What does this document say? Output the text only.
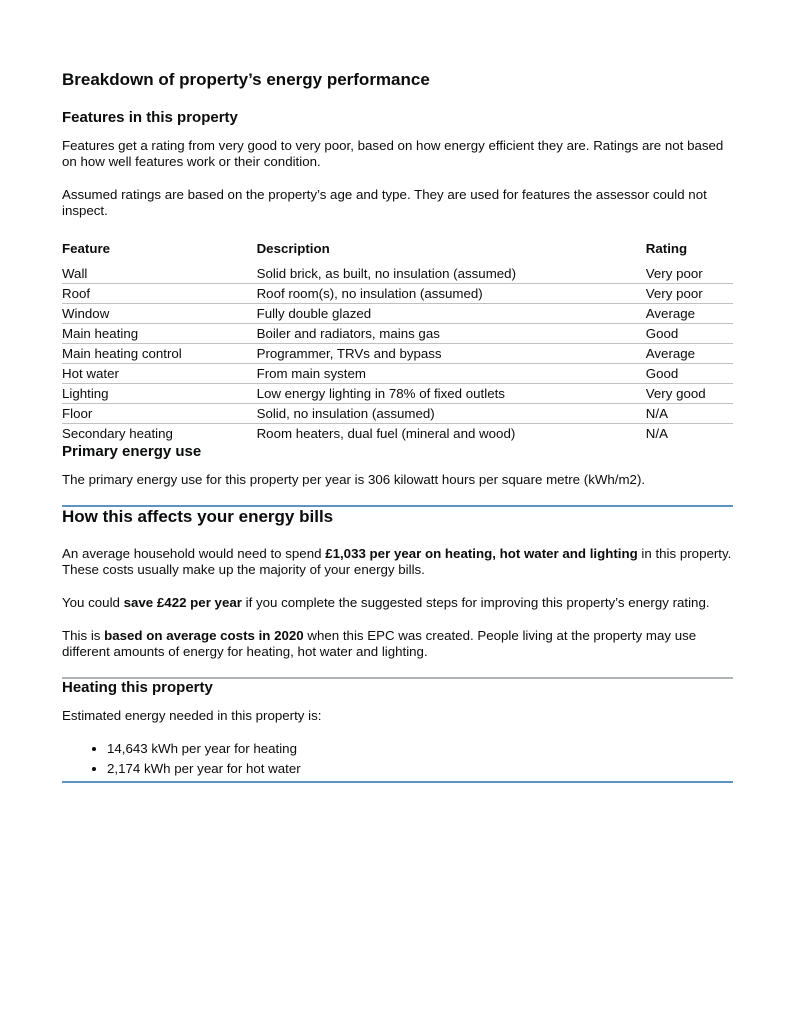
Breakdown of property’s energy performance
Features in this property

Features get a rating from very good to very poor, based on how energy efficient they are. Ratings are not based on how well features work or their condition.

Assumed ratings are based on the property’s age and type. They are used for features the assessor could not inspect.

Feature	Description	Rating
Wall	Solid brick, as built, no insulation (assumed)	Very poor
Roof	Roof room(s), no insulation (assumed)	Very poor
Window	Fully double glazed	Average
Main heating	Boiler and radiators, mains gas	Good
Main heating control	Programmer, TRVs and bypass	Average
Hot water	From main system	Good
Lighting	Low energy lighting in 78% of fixed outlets	Very good
Floor	Solid, no insulation (assumed)	N/A
Secondary heating	Room heaters, dual fuel (mineral and wood)	N/A
Primary energy use

The primary energy use for this property per year is 306 kilowatt hours per square metre (kWh/m2).

How this affects your energy bills

An average household would need to spend £1,033 per year on heating, hot water and lighting in this property. These costs usually make up the majority of your energy bills.

You could save £422 per year if you complete the suggested steps for improving this property’s energy rating.

This is based on average costs in 2020 when this EPC was created. People living at the property may use different amounts of energy for heating, hot water and lighting.

Heating this property

Estimated energy needed in this property is:

• 14,643 kWh per year for heating
• 2,174 kWh per year for hot water
